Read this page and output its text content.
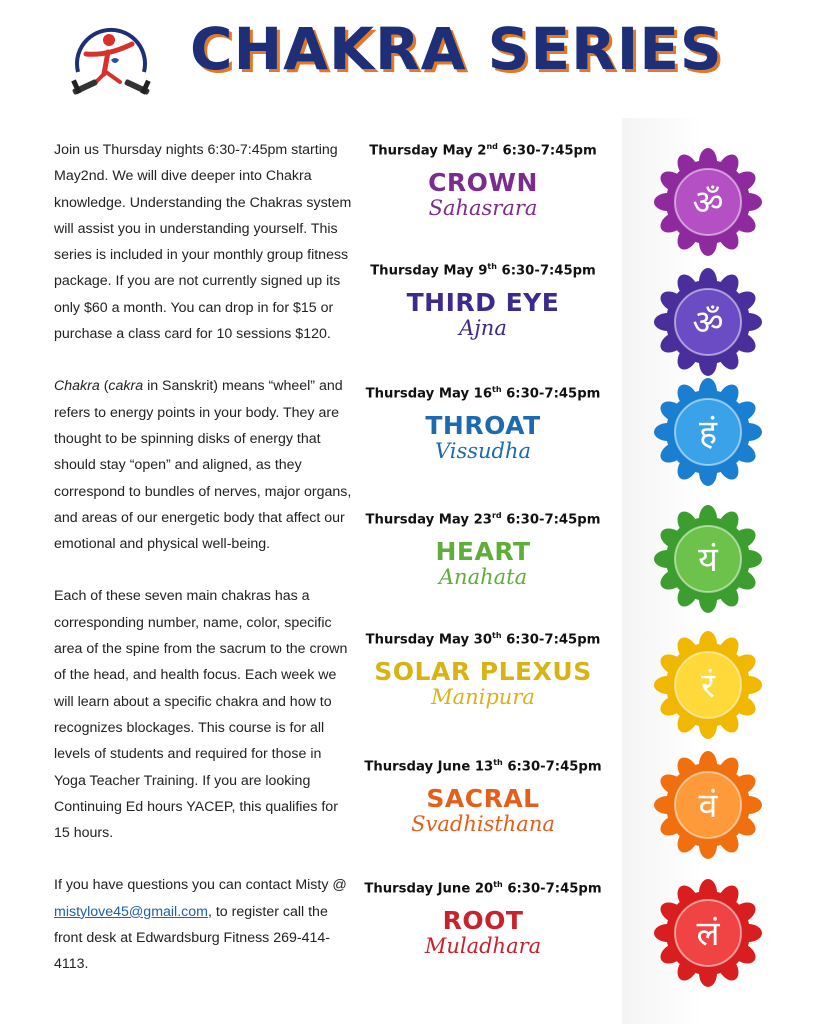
CHAKRA SERIES

Join us Thursday nights 6:30-7:45pm starting May2nd. We will dive deeper into Chakra knowledge. Understanding the Chakras system will assist you in understanding yourself. This series is included in your monthly group fitness package. If you are not currently signed up its only $60 a month. You can drop in for $15 or purchase a class card for 10 sessions $120.

Chakra (cakra in Sanskrit) means “wheel” and refers to energy points in your body. They are thought to be spinning disks of energy that should stay “open” and aligned, as they correspond to bundles of nerves, major organs, and areas of our energetic body that affect our emotional and physical well-being.

Each of these seven main chakras has a corresponding number, name, color, specific area of the spine from the sacrum to the crown of the head, and health focus. Each week we will learn about a specific chakra and how to recognizes blockages. This course is for all levels of students and required for those in Yoga Teacher Training. If you are looking Continuing Ed hours YACEP, this qualifies for 15 hours.

If you have questions you can contact Misty @ mistylove45@gmail.com, to register call the front desk at Edwardsburg Fitness 269-414-4113.

Thursday May 2nd 6:30-7:45pm
CROWN
Sahasrara
Thursday May 9th 6:30-7:45pm
THIRD EYE
Ajna
Thursday May 16th 6:30-7:45pm
THROAT
Vissudha
Thursday May 23rd 6:30-7:45pm
HEART
Anahata
Thursday May 30th 6:30-7:45pm
SOLAR PLEXUS
Manipura
Thursday June 13th 6:30-7:45pm
SACRAL
Svadhisthana
Thursday June 20th 6:30-7:45pm
ROOT
Muladhara
ॐ
ॐ
हं
यं
रं
वं
लं
